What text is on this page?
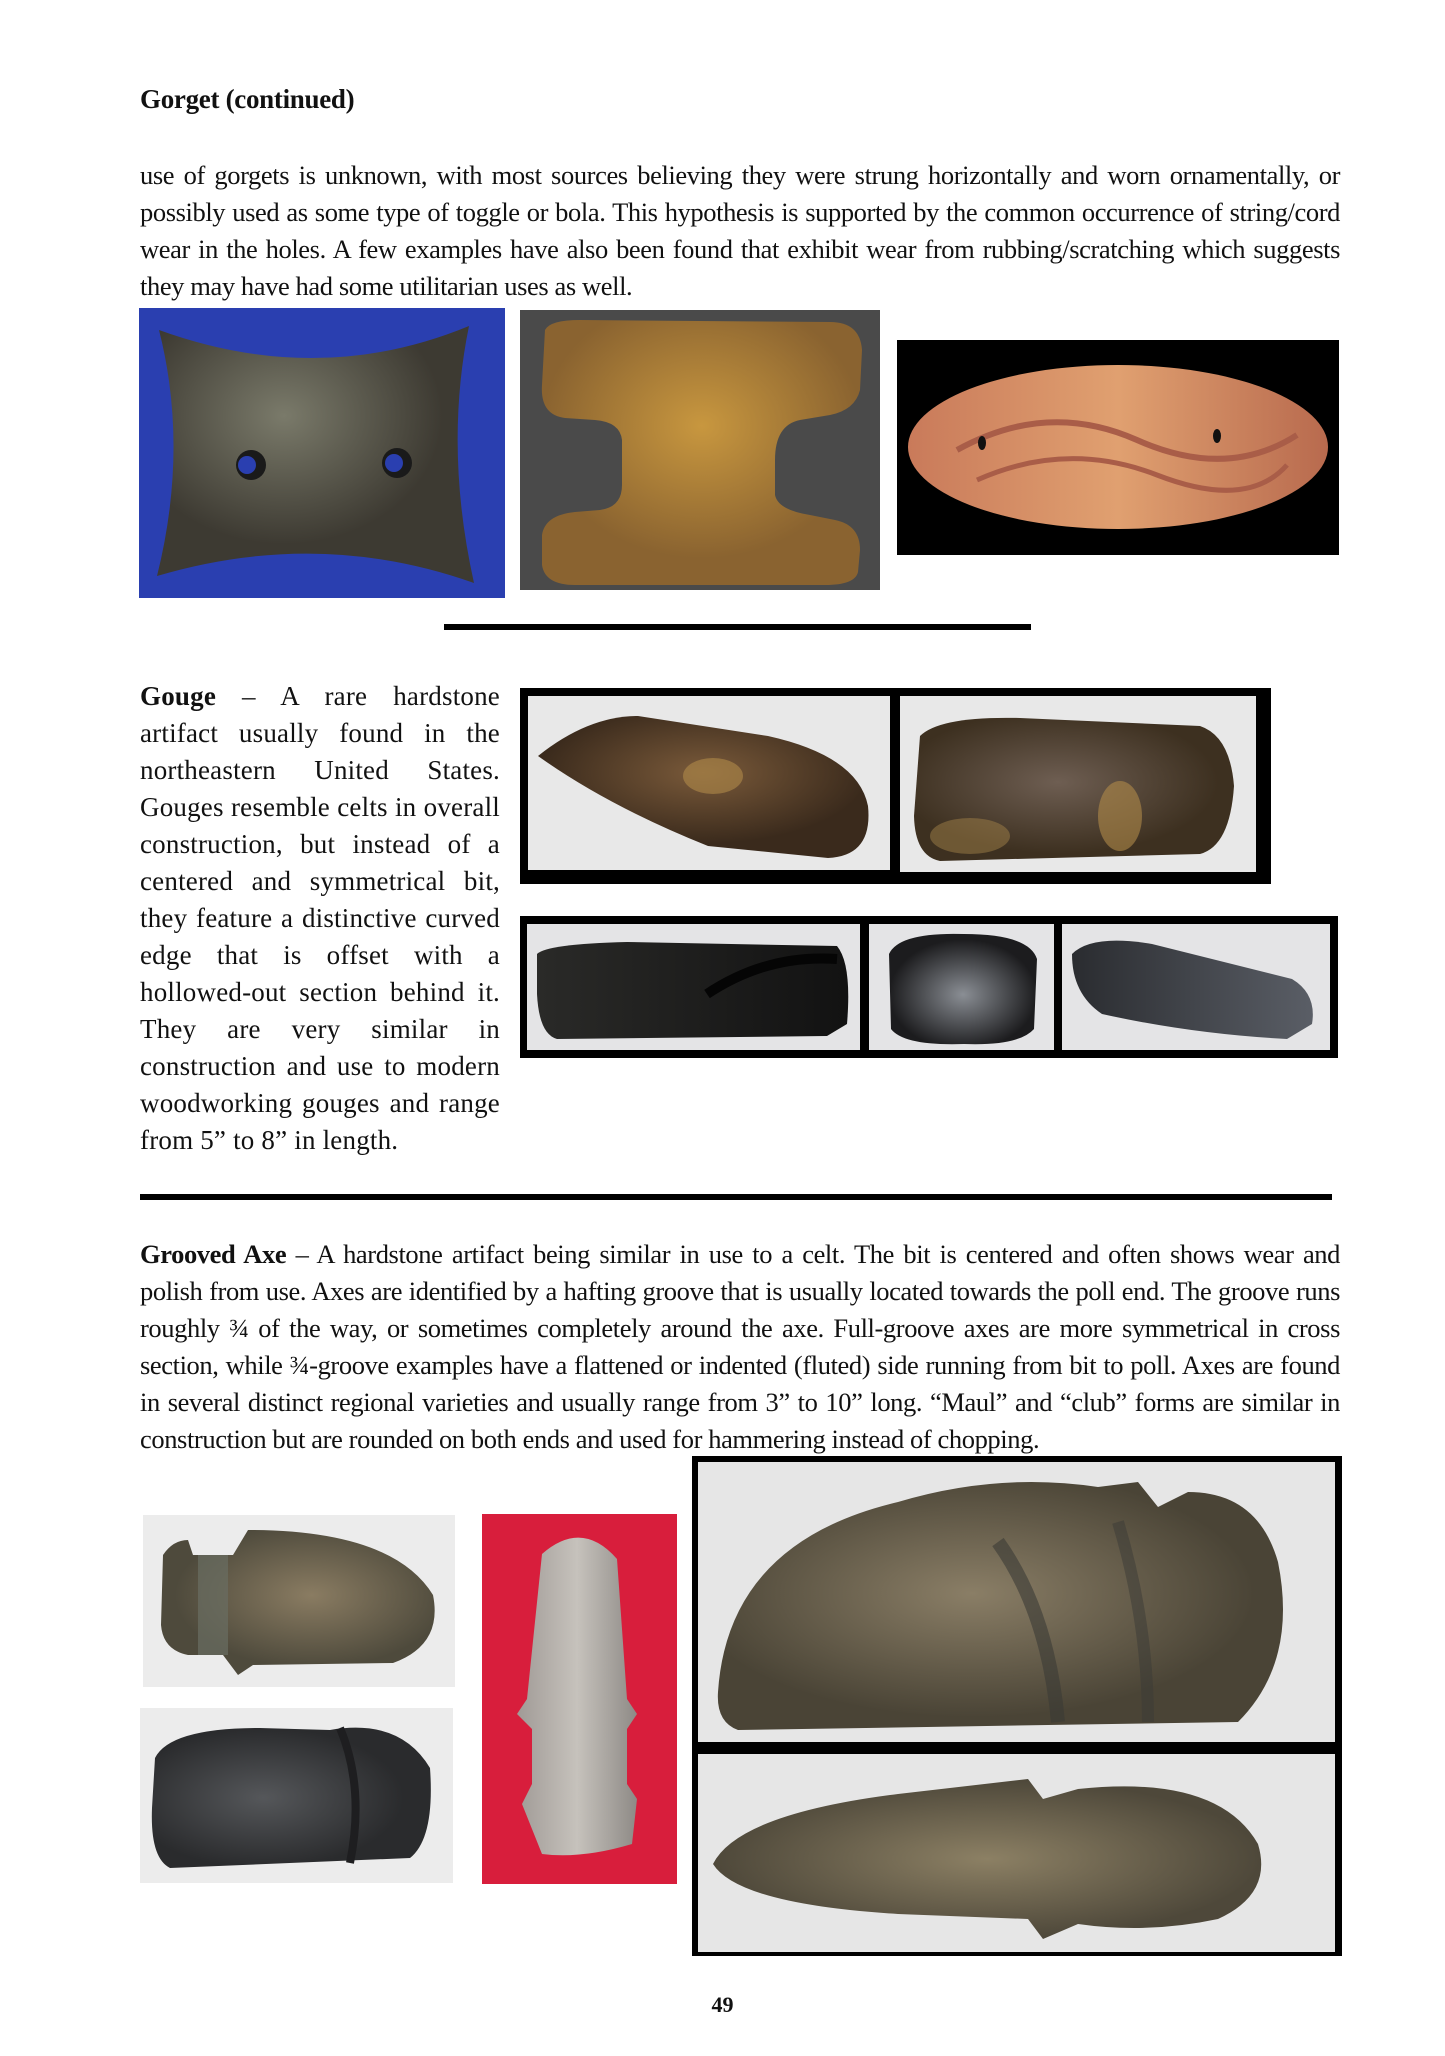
Gorget (continued)
use of gorgets is unknown, with most sources believing they were strung horizontally and worn ornamentally, or possibly used as some type of toggle or bola. This hypothesis is supported by the common occurrence of string/cord wear in the holes. A few examples have also been found that exhibit wear from rubbing/scratching which suggests they may have had some utilitarian uses as well.
Gouge – A rare hardstone artifact usually found in the northeastern United States. Gouges resemble celts in overall construction, but instead of a centered and symmetrical bit, they feature a distinctive curved edge that is offset with a hollowed-out section behind it. They are very similar in construction and use to modern woodworking gouges and range from 5” to 8” in length.
Grooved Axe – A hardstone artifact being similar in use to a celt. The bit is centered and often shows wear and polish from use. Axes are identified by a hafting groove that is usually located towards the poll end. The groove runs roughly ¾ of the way, or sometimes completely around the axe. Full-groove axes are more symmetrical in cross section, while ¾-groove examples have a flattened or indented (fluted) side running from bit to poll. Axes are found in several distinct regional varieties and usually range from 3” to 10” long. “Maul” and “club” forms are similar in construction but are rounded on both ends and used for hammering instead of chopping.
49
